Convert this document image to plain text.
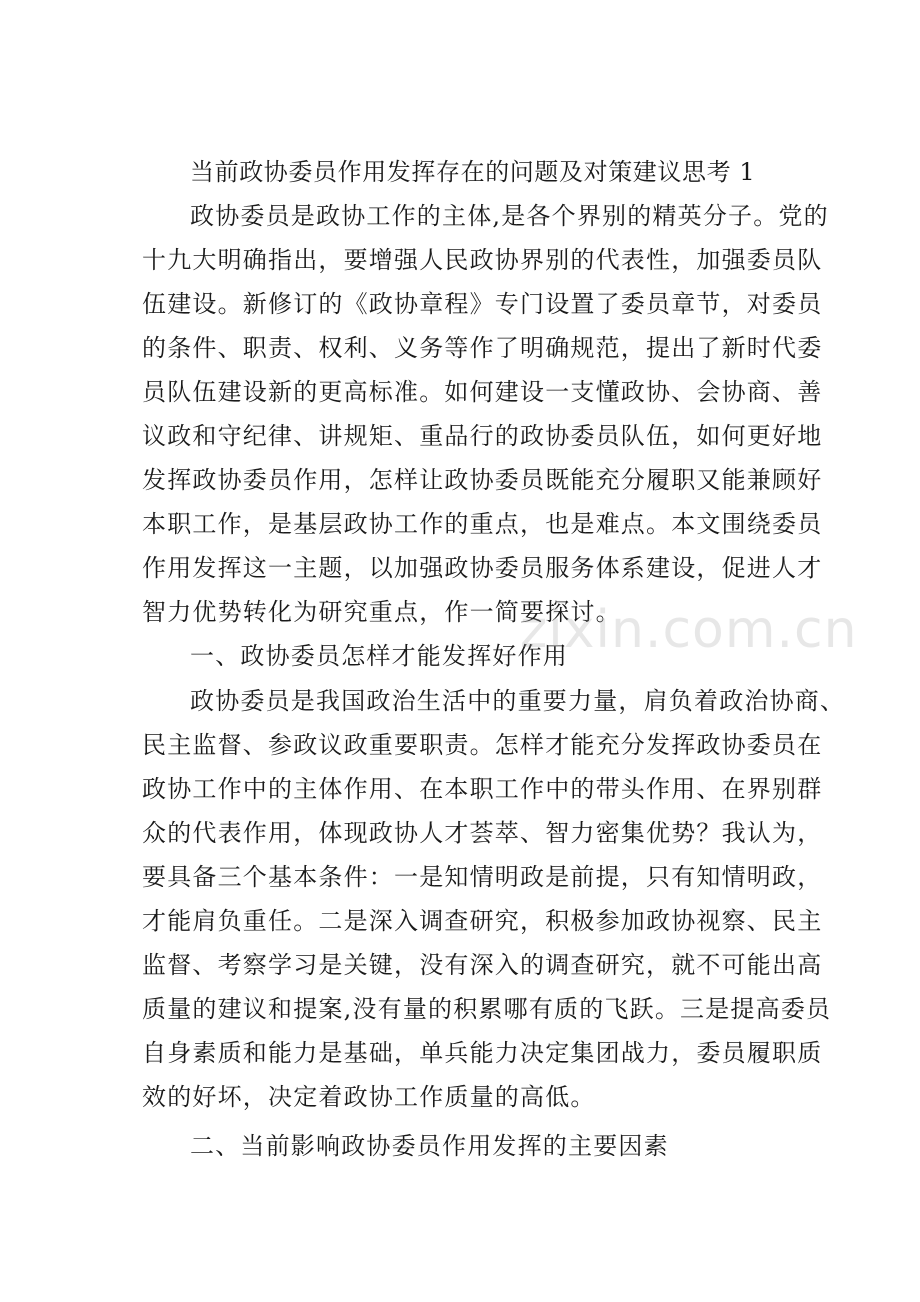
当前政协委员作用发挥存在的问题及对策建议思考 1
政协委员是政协工作的主体,是各个界别的精英分子。党的
十九大明确指出，要增强人民政协界别的代表性，加强委员队
伍建设。新修订的《政协章程》专门设置了委员章节，对委员
的条件、职责、权利、义务等作了明确规范，提出了新时代委
员队伍建设新的更高标准。如何建设一支懂政协、会协商、善
议政和守纪律、讲规矩、重品行的政协委员队伍，如何更好地
发挥政协委员作用，怎样让政协委员既能充分履职又能兼顾好
本职工作，是基层政协工作的重点，也是难点。本文围绕委员
作用发挥这一主题，以加强政协委员服务体系建设，促进人才
智力优势转化为研究重点，作一简要探讨。
一、政协委员怎样才能发挥好作用
政协委员是我国政治生活中的重要力量，肩负着政治协商、
民主监督、参政议政重要职责。怎样才能充分发挥政协委员在
政协工作中的主体作用、在本职工作中的带头作用、在界别群
众的代表作用，体现政协人才荟萃、智力密集优势？我认为，
要具备三个基本条件：一是知情明政是前提，只有知情明政，
才能肩负重任。二是深入调查研究，积极参加政协视察、民主
监督、考察学习是关键，没有深入的调查研究，就不可能出高
质量的建议和提案,没有量的积累哪有质的飞跃。三是提高委员
自身素质和能力是基础，单兵能力决定集团战力，委员履职质
效的好坏，决定着政协工作质量的高低。
二、当前影响政协委员作用发挥的主要因素
zixin.com.cn
